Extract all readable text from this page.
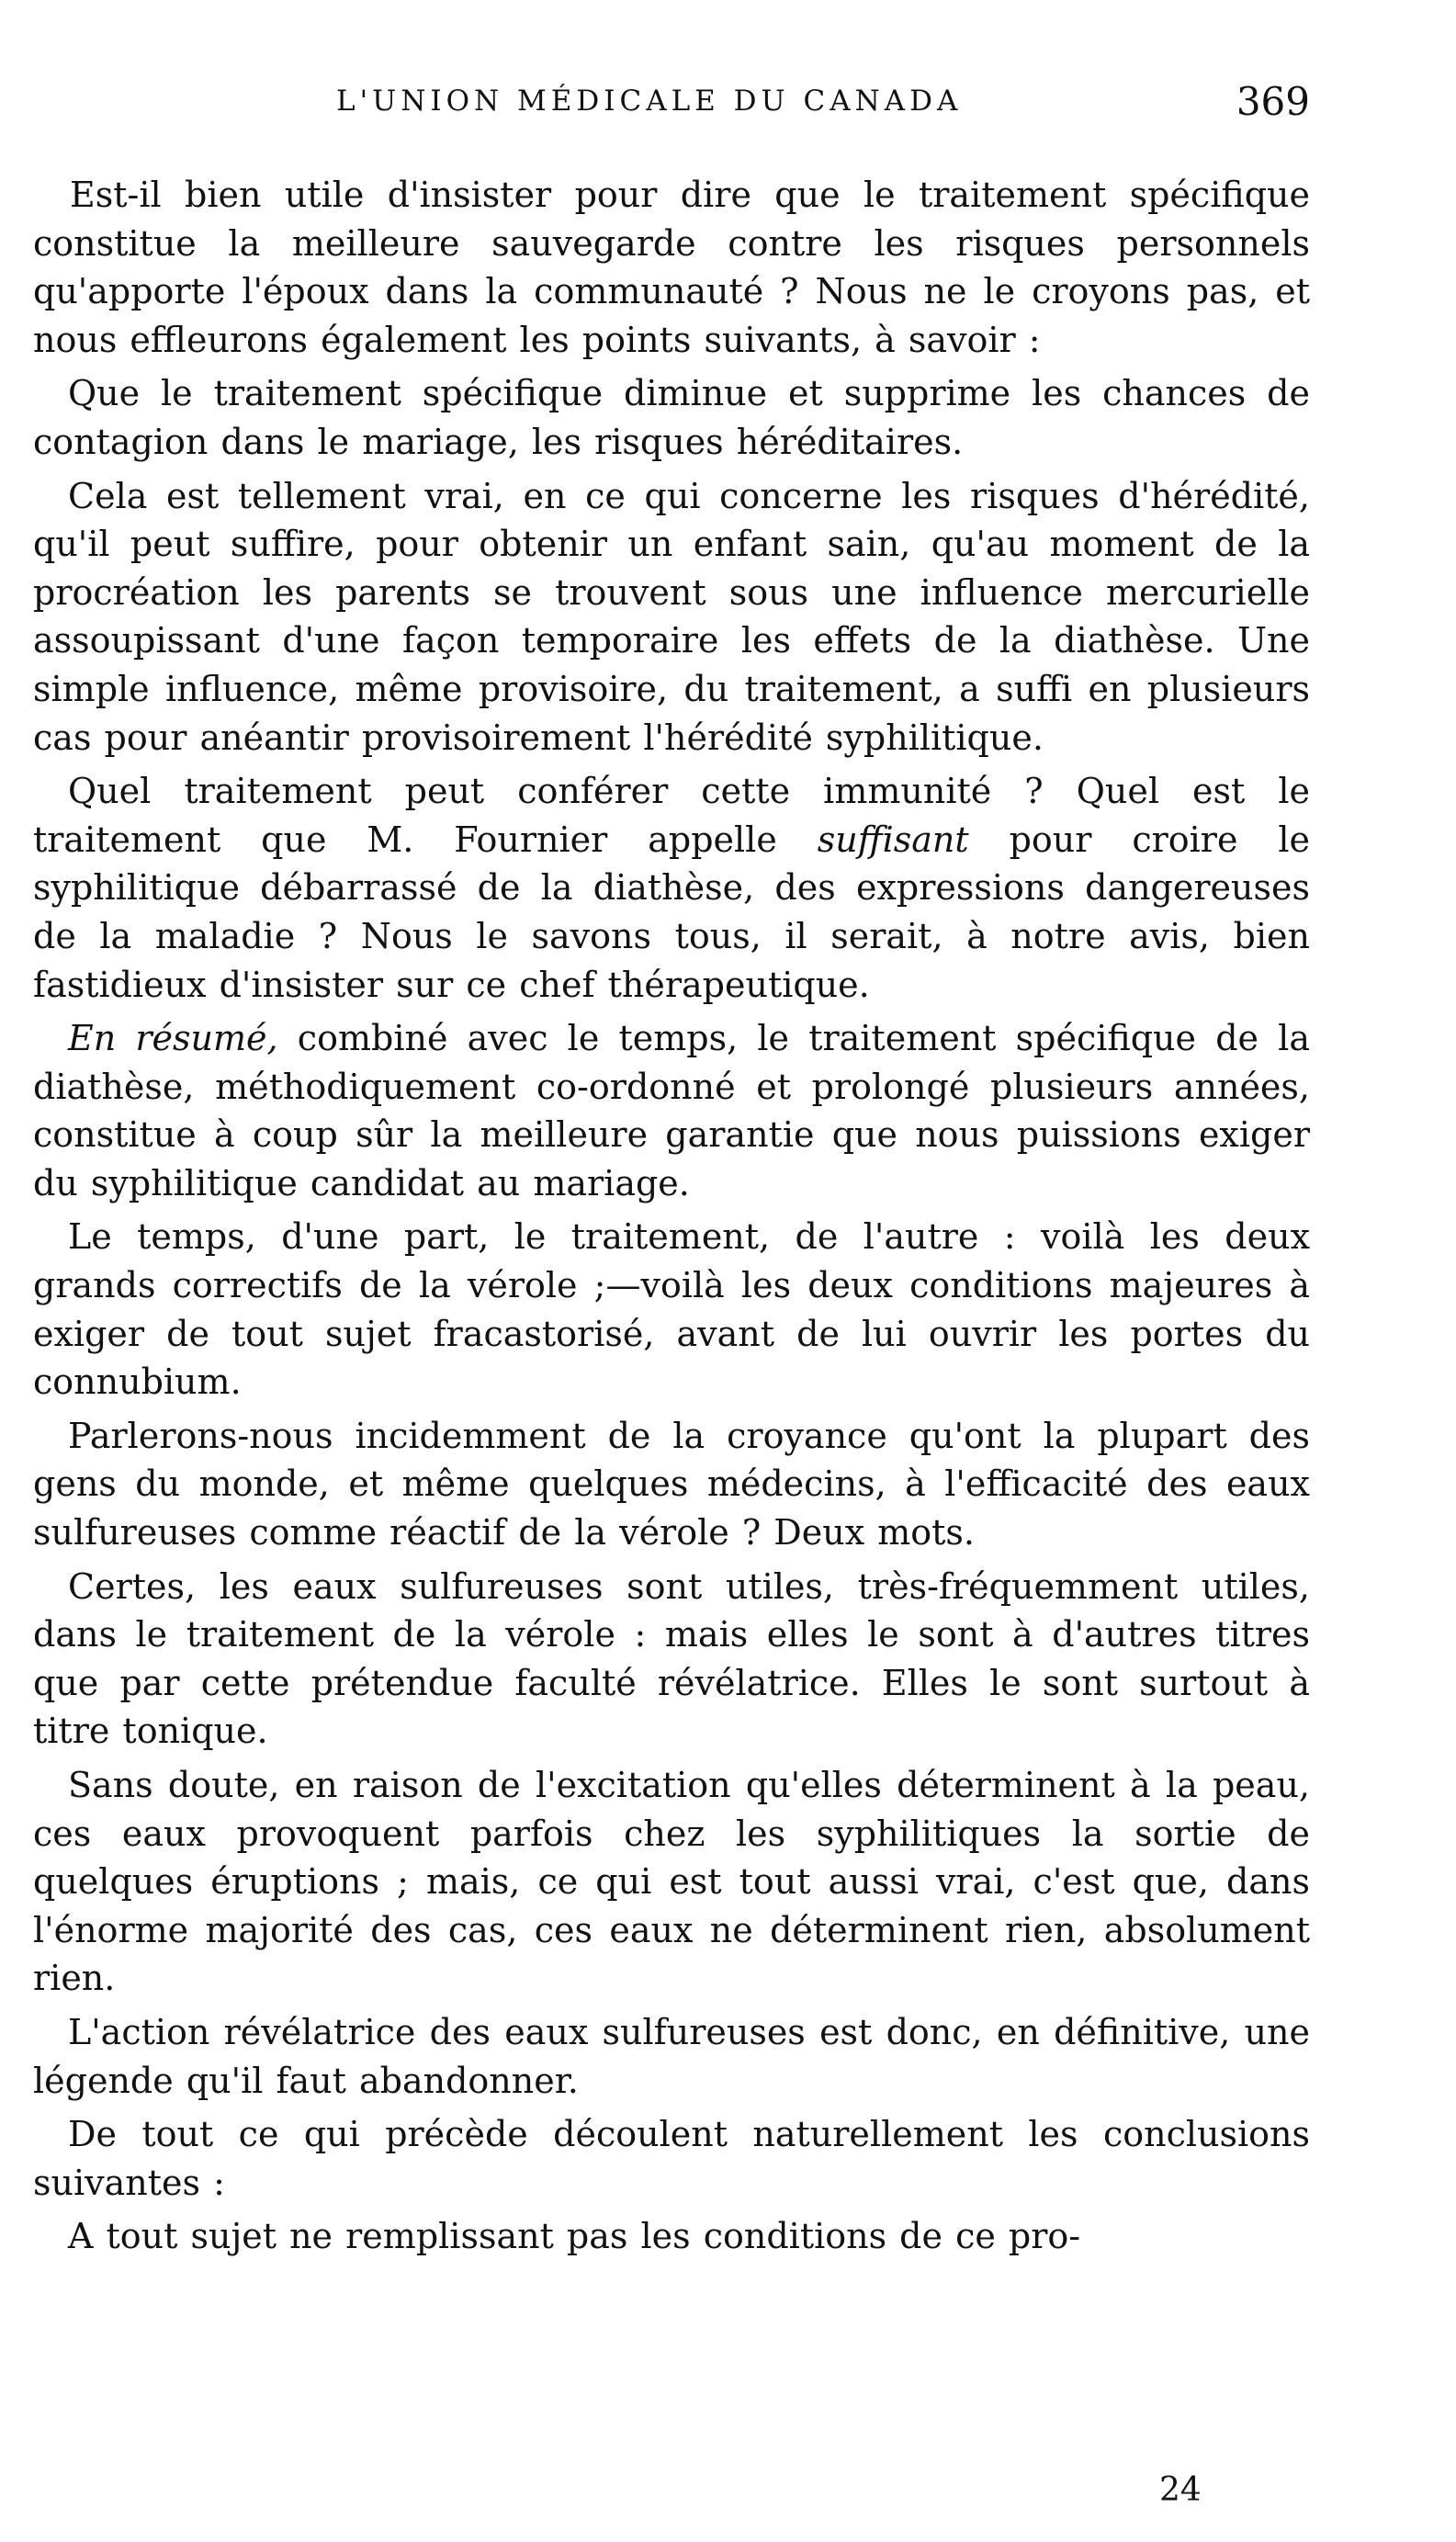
L'UNION MÉDICALE DU CANADA	369

Est-il bien utile d'insister pour dire que le traitement spécifique constitue la meilleure sauvegarde contre les risques personnels qu'apporte l'époux dans la communauté ? Nous ne le croyons pas, et nous effleurons également les points suivants, à savoir :

Que le traitement spécifique diminue et supprime les chances de contagion dans le mariage, les risques héréditaires.

Cela est tellement vrai, en ce qui concerne les risques d'hérédité, qu'il peut suffire, pour obtenir un enfant sain, qu'au moment de la procréation les parents se trouvent sous une influence mercurielle assoupissant d'une façon temporaire les effets de la diathèse. Une simple influence, même provisoire, du traitement, a suffi en plusieurs cas pour anéantir provisoirement l'hérédité syphilitique.

Quel traitement peut conférer cette immunité ? Quel est le traitement que M. Fournier appelle suffisant pour croire le syphilitique débarrassé de la diathèse, des expressions dangereuses de la maladie ? Nous le savons tous, il serait, à notre avis, bien fastidieux d'insister sur ce chef thérapeutique.

En résumé, combiné avec le temps, le traitement spécifique de la diathèse, méthodiquement co-ordonné et prolongé plusieurs années, constitue à coup sûr la meilleure garantie que nous puissions exiger du syphilitique candidat au mariage.

Le temps, d'une part, le traitement, de l'autre : voilà les deux grands correctifs de la vérole ;—voilà les deux conditions majeures à exiger de tout sujet fracastorisé, avant de lui ouvrir les portes du connubium.

Parlerons-nous incidemment de la croyance qu'ont la plupart des gens du monde, et même quelques médecins, à l'efficacité des eaux sulfureuses comme réactif de la vérole ? Deux mots.

Certes, les eaux sulfureuses sont utiles, très-fréquemment utiles, dans le traitement de la vérole : mais elles le sont à d'autres titres que par cette prétendue faculté révélatrice. Elles le sont surtout à titre tonique.

Sans doute, en raison de l'excitation qu'elles déterminent à la peau, ces eaux provoquent parfois chez les syphilitiques la sortie de quelques éruptions ; mais, ce qui est tout aussi vrai, c'est que, dans l'énorme majorité des cas, ces eaux ne déterminent rien, absolument rien.

L'action révélatrice des eaux sulfureuses est donc, en définitive, une légende qu'il faut abandonner.

De tout ce qui précède découlent naturellement les conclusions suivantes :

A tout sujet ne remplissant pas les conditions de ce pro-

24
